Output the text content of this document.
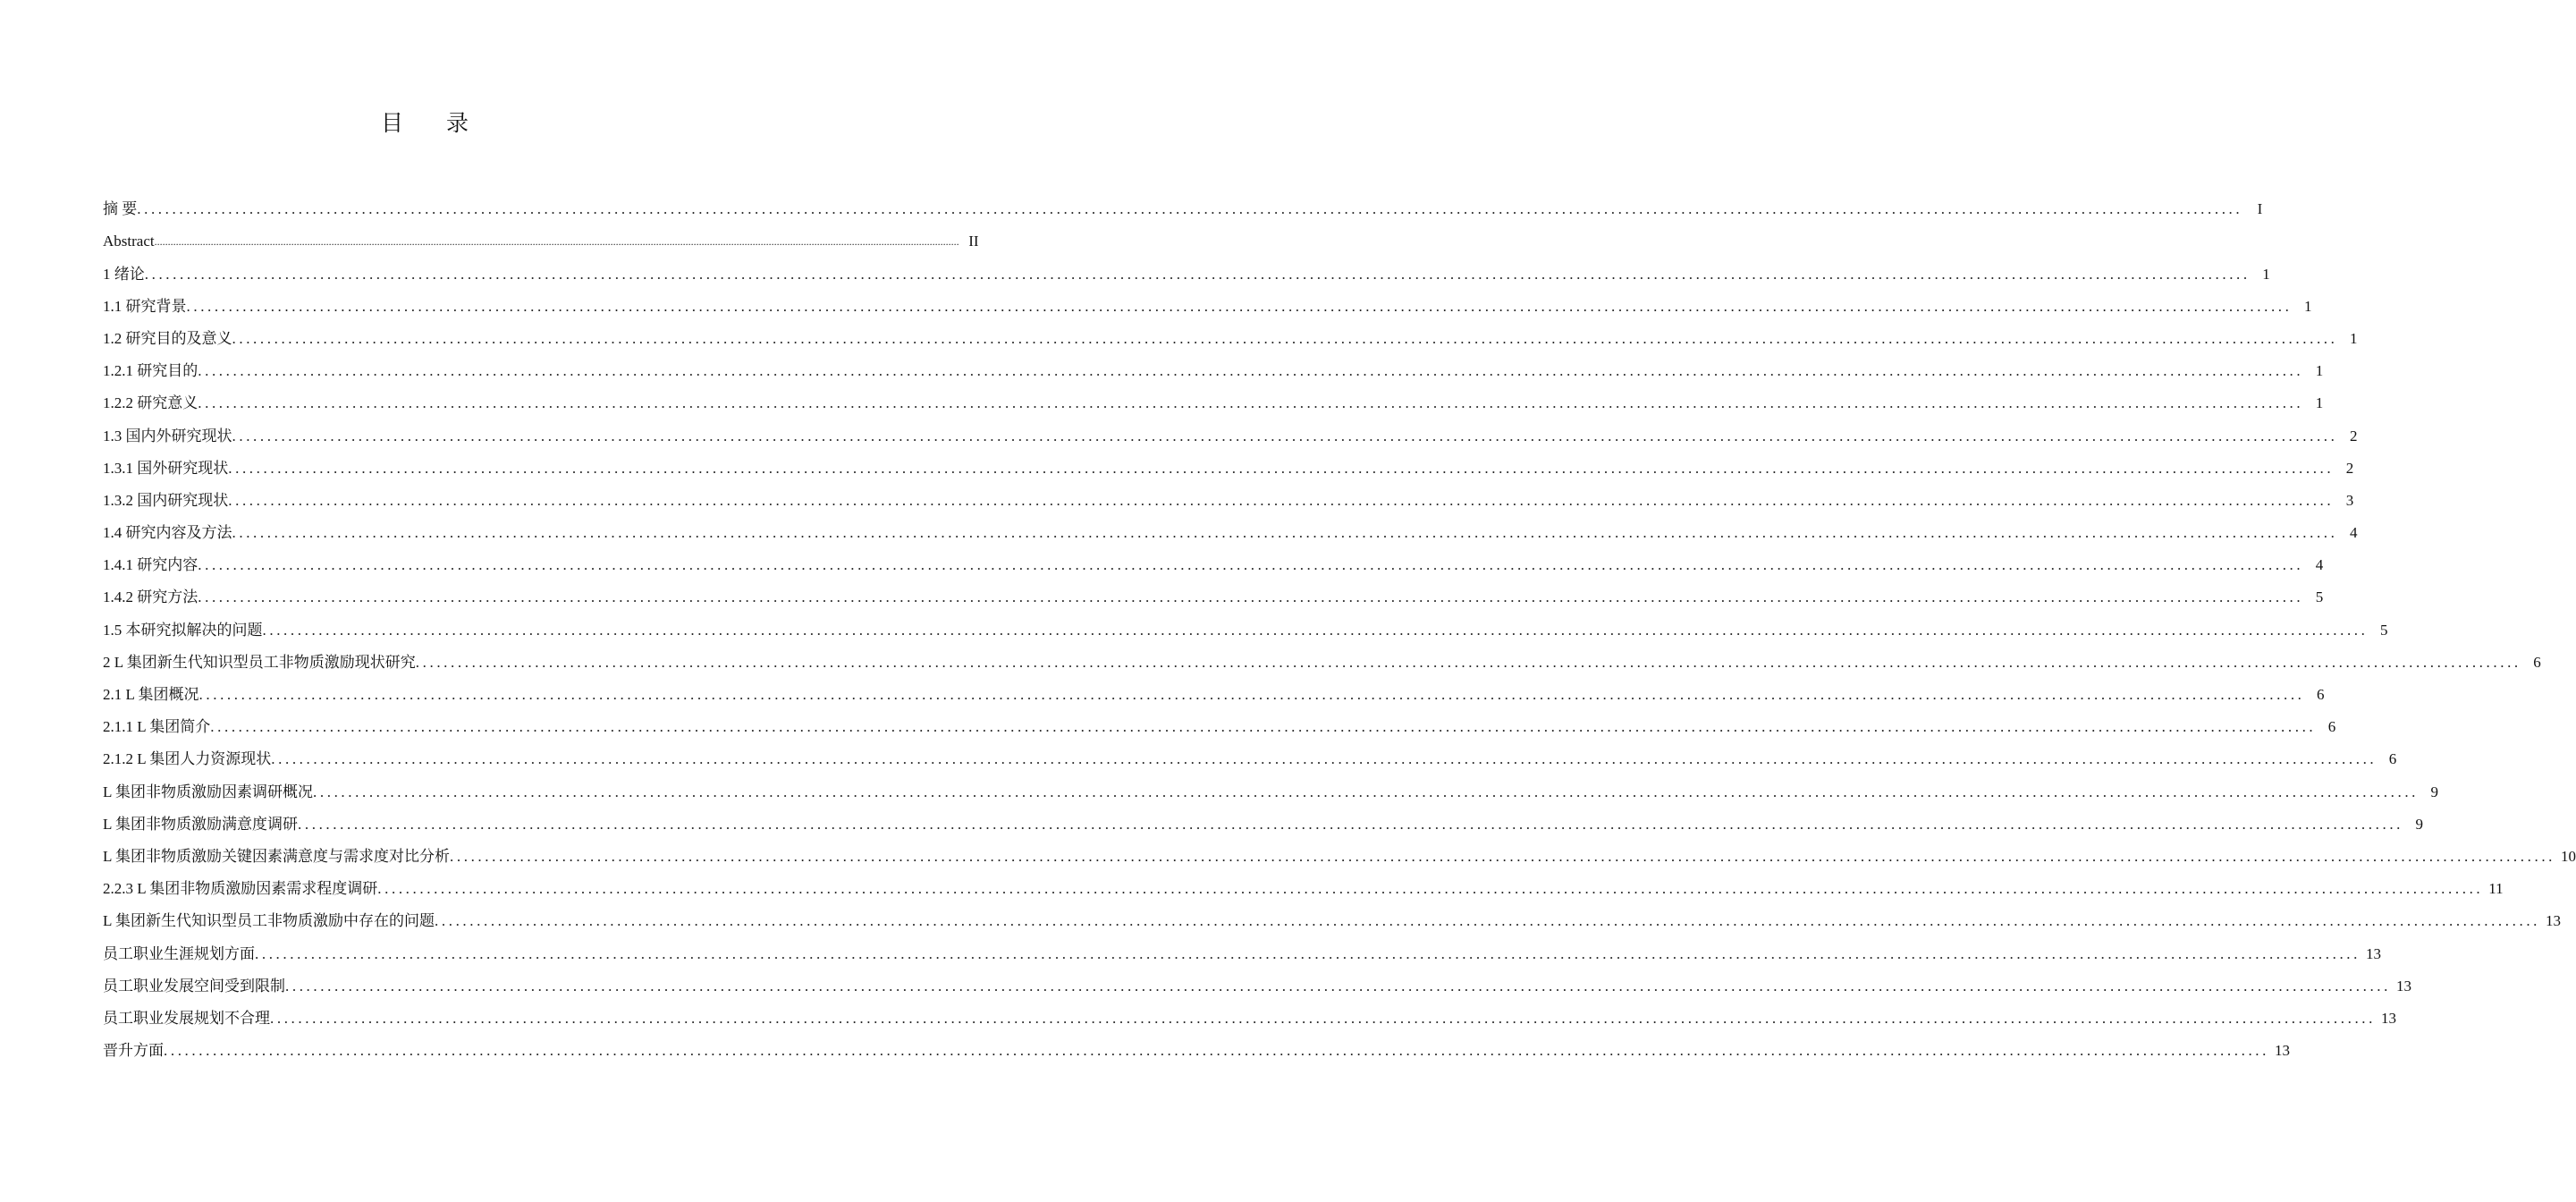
目 录
摘 要 ............................................................................................................................................................................................................................................................................................................ I
Abstract ............................................................................................................................................................................................................................................................................................................ II
1 绪论 ............................................................................................................................................................................................................................................................................................................ 1
1.1 研究背景 ............................................................................................................................................................................................................................................................................................................ 1
1.2 研究目的及意义 ............................................................................................................................................................................................................................................................................................................ 1
1.2.1 研究目的 ............................................................................................................................................................................................................................................................................................................ 1
1.2.2 研究意义 ............................................................................................................................................................................................................................................................................................................ 1
1.3 国内外研究现状 ............................................................................................................................................................................................................................................................................................................ 2
1.3.1 国外研究现状 ............................................................................................................................................................................................................................................................................................................ 2
1.3.2 国内研究现状 ............................................................................................................................................................................................................................................................................................................ 3
1.4 研究内容及方法 ............................................................................................................................................................................................................................................................................................................ 4
1.4.1 研究内容 ............................................................................................................................................................................................................................................................................................................ 4
1.4.2 研究方法 ............................................................................................................................................................................................................................................................................................................ 5
1.5 本研究拟解决的问题 ............................................................................................................................................................................................................................................................................................................ 5
2 L 集团新生代知识型员工非物质激励现状研究 ............................................................................................................................................................................................................................................................................................................ 6
2.1 L 集团概况 ............................................................................................................................................................................................................................................................................................................ 6
2.1.1 L 集团简介 ............................................................................................................................................................................................................................................................................................................ 6
2.1.2 L 集团人力资源现状 ............................................................................................................................................................................................................................................................................................................ 6
L 集团非物质激励因素调研概况 ............................................................................................................................................................................................................................................................................................................ 9
L 集团非物质激励满意度调研 ............................................................................................................................................................................................................................................................................................................ 9
L 集团非物质激励关键因素满意度与需求度对比分析 ............................................................................................................................................................................................................................................................................................................ 10
2.2.3 L 集团非物质激励因素需求程度调研 ............................................................................................................................................................................................................................................................................................................ 11
L 集团新生代知识型员工非物质激励中存在的问题 ............................................................................................................................................................................................................................................................................................................ 13
员工职业生涯规划方面 ............................................................................................................................................................................................................................................................................................................ 13
员工职业发展空间受到限制 ............................................................................................................................................................................................................................................................................................................ 13
员工职业发展规划不合理 ............................................................................................................................................................................................................................................................................................................ 13
晋升方面 ............................................................................................................................................................................................................................................................................................................ 13
